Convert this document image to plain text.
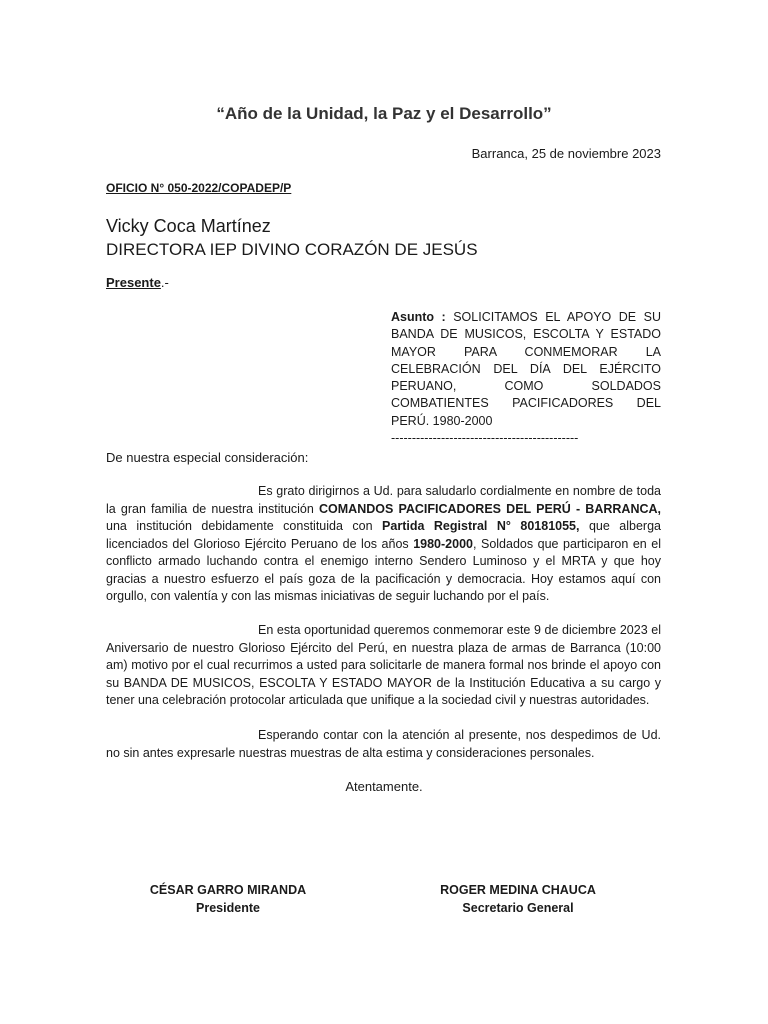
“Año de la Unidad, la Paz y el Desarrollo”
Barranca, 25 de noviembre 2023
OFICIO N° 050-2022/COPADEP/P
Vicky Coca Martínez
DIRECTORA IEP DIVINO CORAZÓN DE JESÚS
Presente.-
Asunto : SOLICITAMOS EL APOYO DE SU BANDA DE MUSICOS, ESCOLTA Y ESTADO MAYOR PARA CONMEMORAR LA CELEBRACIÓN DEL DÍA DEL EJÉRCITO PERUANO, COMO SOLDADOS COMBATIENTES PACIFICADORES DEL PERÚ. 1980-2000
---------------------------------------------
De nuestra especial consideración:
Es grato dirigirnos a Ud. para saludarlo cordialmente en nombre de toda la gran familia de nuestra institución COMANDOS PACIFICADORES DEL PERÚ - BARRANCA, una institución debidamente constituida con Partida Registral N° 80181055, que alberga licenciados del Glorioso Ejército Peruano de los años 1980-2000, Soldados que participaron en el conflicto armado luchando contra el enemigo interno Sendero Luminoso y el MRTA y que hoy gracias a nuestro esfuerzo el país goza de la pacificación y democracia. Hoy estamos aquí con orgullo, con valentía y con las mismas iniciativas de seguir luchando por el país.
En esta oportunidad queremos conmemorar este 9 de diciembre 2023 el Aniversario de nuestro Glorioso Ejército del Perú, en nuestra plaza de armas de Barranca (10:00 am) motivo por el cual recurrimos a usted para solicitarle de manera formal nos brinde el apoyo con su BANDA DE MUSICOS, ESCOLTA Y ESTADO MAYOR de la Institución Educativa a su cargo y tener una celebración protocolar articulada que unifique a la sociedad civil y nuestras autoridades.
Esperando contar con la atención al presente, nos despedimos de Ud. no sin antes expresarle nuestras muestras de alta estima y consideraciones personales.
Atentamente.
CÉSAR GARRO MIRANDA
Presidente
ROGER MEDINA CHAUCA
Secretario General
